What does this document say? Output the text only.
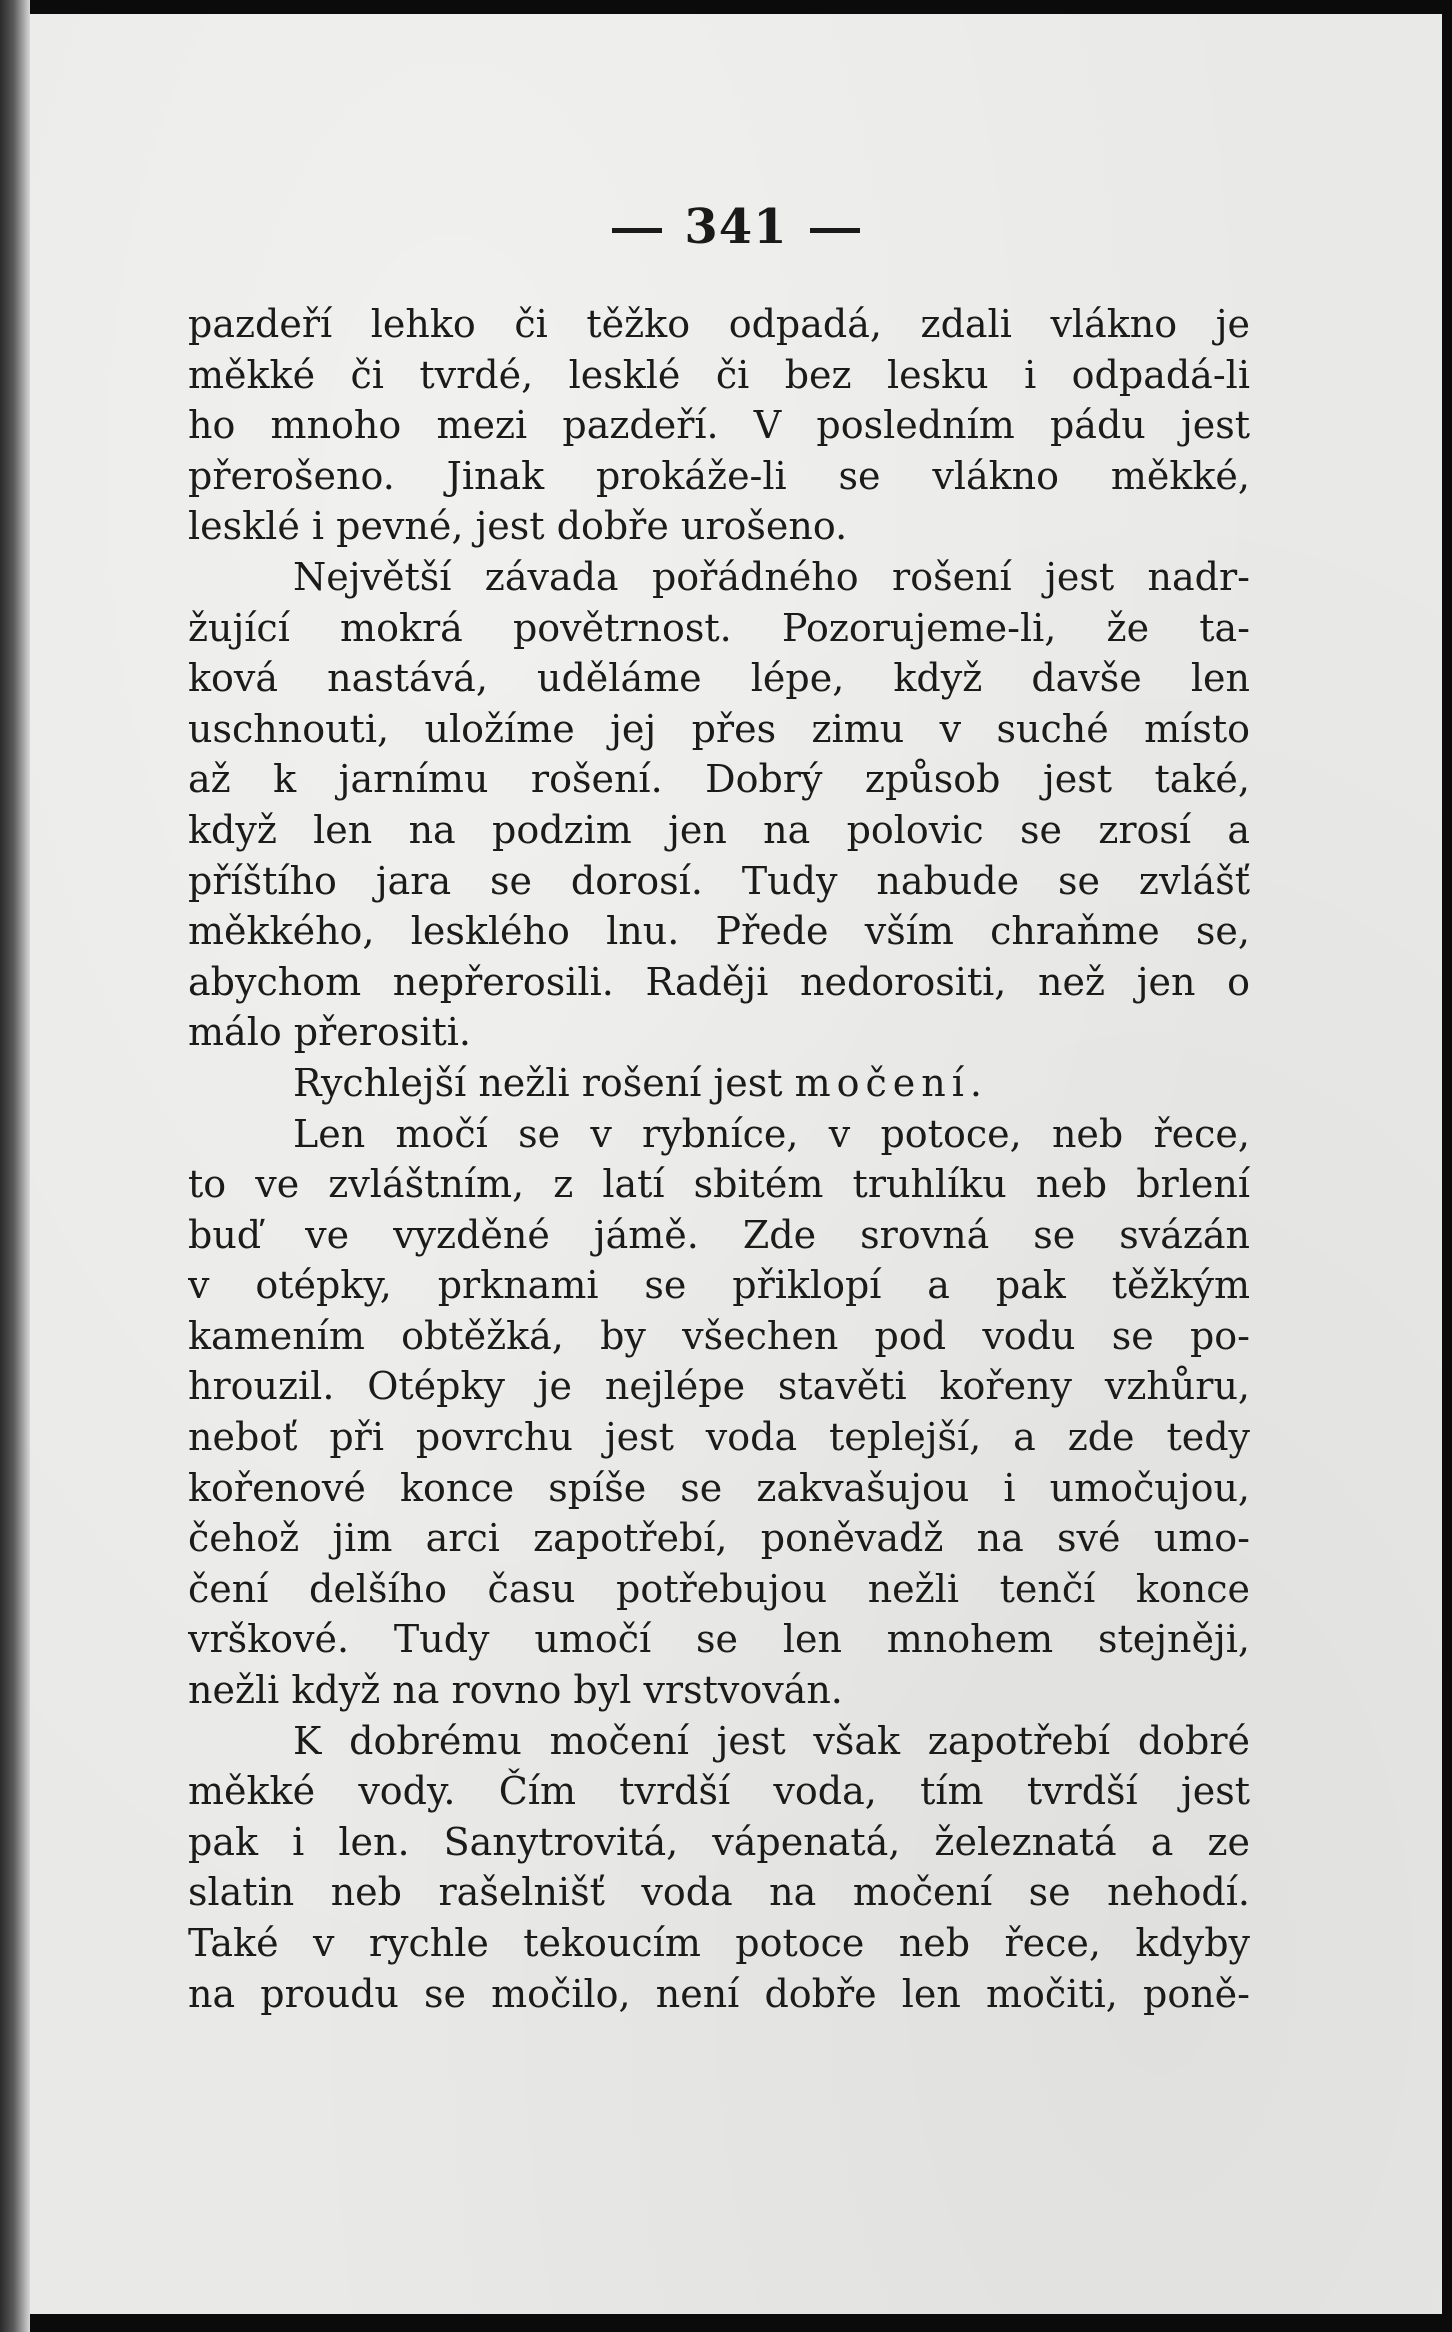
341
pazdeří lehko či těžko odpadá, zdali vlákno je
měkké či tvrdé, lesklé či bez lesku i odpadá-li
ho mnoho mezi pazdeří. V posledním pádu jest
přerošeno. Jinak prokáže-li se vlákno měkké,
lesklé i pevné, jest dobře urošeno.
Největší závada pořádného rošení jest nadr-
žující mokrá povětrnost. Pozorujeme-li, že ta-
ková nastává, uděláme lépe, když davše len
uschnouti, uložíme jej přes zimu v suché místo
až k jarnímu rošení. Dobrý způsob jest také,
když len na podzim jen na polovic se zrosí a
příštího jara se dorosí. Tudy nabude se zvlášť
měkkého, lesklého lnu. Přede vším chraňme se,
abychom nepřerosili. Raději nedorositi, než jen o
málo přerositi.
Rychlejší nežli rošení jest močení.
Len močí se v rybníce, v potoce, neb řece,
to ve zvláštním, z latí sbitém truhlíku neb brlení
buď ve vyzděné jámě. Zde srovná se svázán
v otépky, prknami se přiklopí a pak těžkým
kamením obtěžká, by všechen pod vodu se po-
hrouzil. Otépky je nejlépe stavěti kořeny vzhůru,
neboť při povrchu jest voda teplejší, a zde tedy
kořenové konce spíše se zakvašujou i umočujou,
čehož jim arci zapotřebí, poněvadž na své umo-
čení delšího času potřebujou nežli tenčí konce
vrškové. Tudy umočí se len mnohem stejněji,
nežli když na rovno byl vrstvován.
K dobrému močení jest však zapotřebí dobré
měkké vody. Čím tvrdší voda, tím tvrdší jest
pak i len. Sanytrovitá, vápenatá, železnatá a ze
slatin neb rašelnišť voda na močení se nehodí.
Také v rychle tekoucím potoce neb řece, kdyby
na proudu se močilo, není dobře len močiti, poně-
